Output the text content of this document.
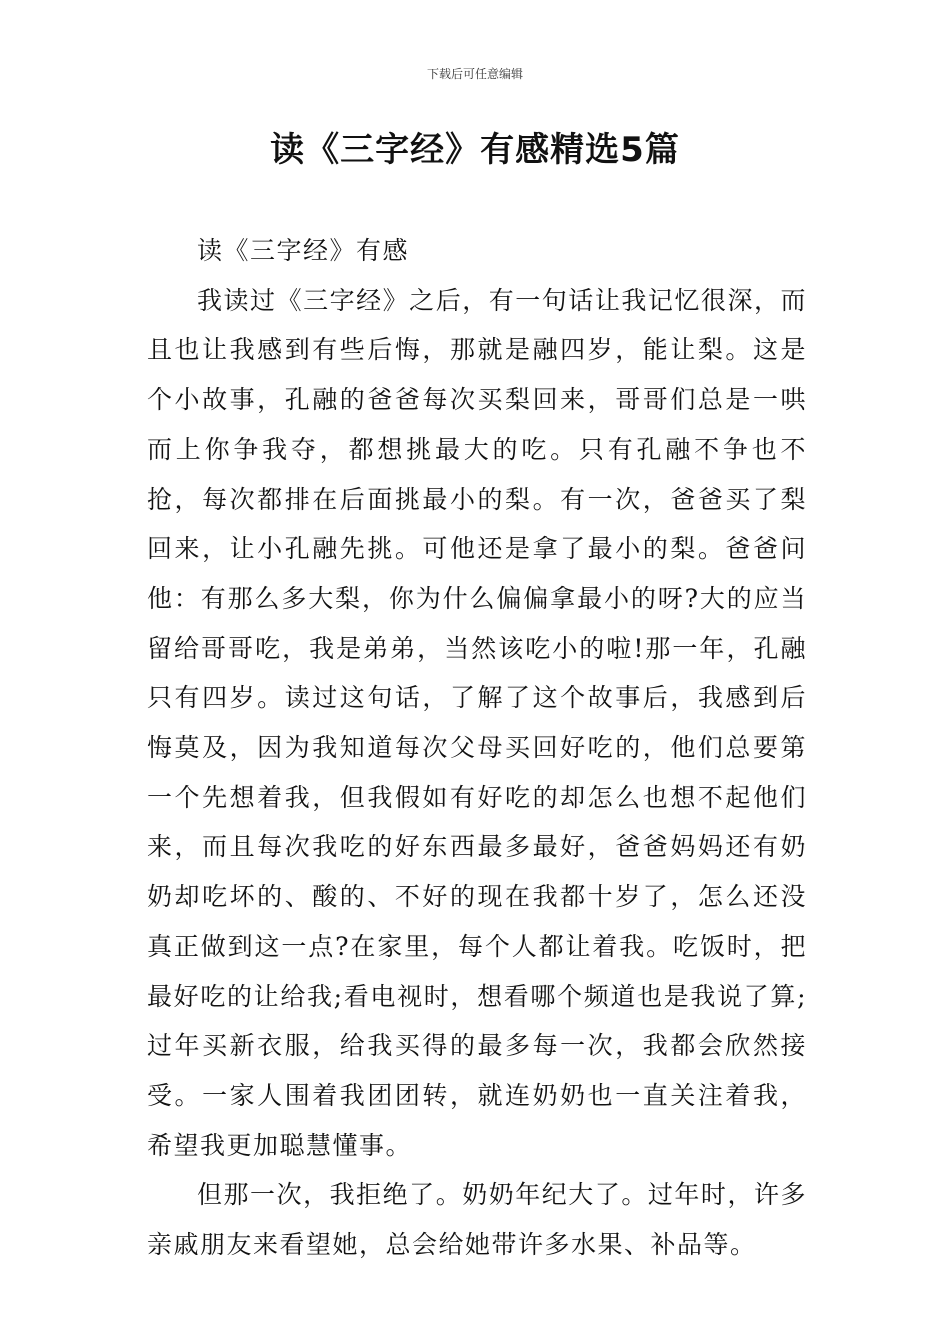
下载后可任意编辑
读《三字经》有感精选5篇

读《三字经》有感

我读过《三字经》之后，有一句话让我记忆很深，而且也让我感到有些后悔，那就是融四岁，能让梨。这是个小故事，孔融的爸爸每次买梨回来，哥哥们总是一哄而上你争我夺，都想挑最大的吃。只有孔融不争也不抢，每次都排在后面挑最小的梨。有一次，爸爸买了梨回来，让小孔融先挑。可他还是拿了最小的梨。爸爸问他：有那么多大梨，你为什么偏偏拿最小的呀?大的应当留给哥哥吃，我是弟弟，当然该吃小的啦!那一年，孔融只有四岁。读过这句话，了解了这个故事后，我感到后悔莫及，因为我知道每次父母买回好吃的，他们总要第一个先想着我，但我假如有好吃的却怎么也想不起他们来，而且每次我吃的好东西最多最好，爸爸妈妈还有奶奶却吃坏的、酸的、不好的现在我都十岁了，怎么还没真正做到这一点?在家里，每个人都让着我。吃饭时，把最好吃的让给我;看电视时，想看哪个频道也是我说了算;过年买新衣服，给我买得的最多每一次，我都会欣然接受。一家人围着我团团转，就连奶奶也一直关注着我，希望我更加聪慧懂事。

但那一次，我拒绝了。奶奶年纪大了。过年时，许多亲戚朋友来看望她，总会给她带许多水果、补品等。
